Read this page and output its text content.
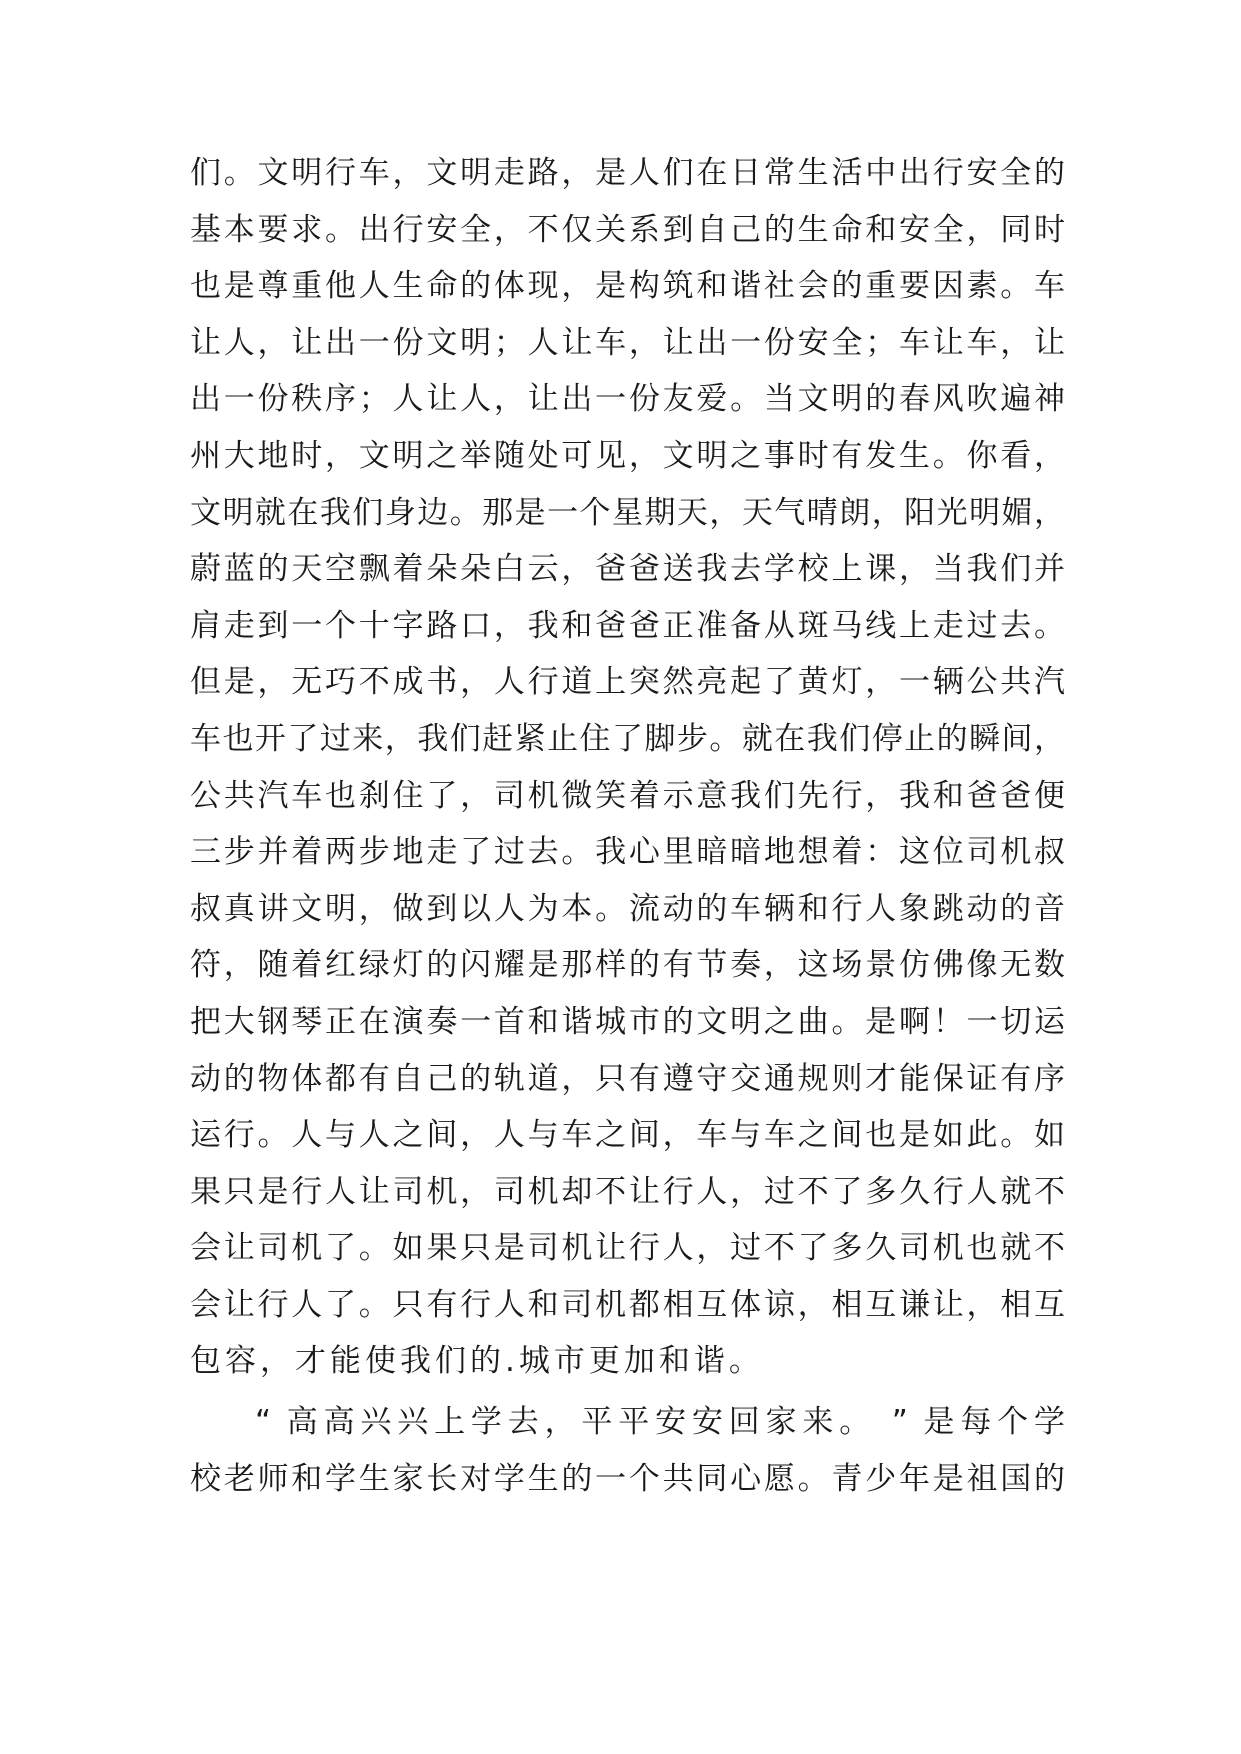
们。文明行车，文明走路，是人们在日常生活中出行安全的
基本要求。出行安全，不仅关系到自己的生命和安全，同时
也是尊重他人生命的体现，是构筑和谐社会的重要因素。车
让人，让出一份文明；人让车，让出一份安全；车让车，让
出一份秩序；人让人，让出一份友爱。当文明的春风吹遍神
州大地时，文明之举随处可见，文明之事时有发生。你看，
文明就在我们身边。那是一个星期天，天气晴朗，阳光明媚，
蔚蓝的天空飘着朵朵白云，爸爸送我去学校上课，当我们并
肩走到一个十字路口，我和爸爸正准备从斑马线上走过去。
但是，无巧不成书，人行道上突然亮起了黄灯，一辆公共汽
车也开了过来，我们赶紧止住了脚步。就在我们停止的瞬间，
公共汽车也刹住了，司机微笑着示意我们先行，我和爸爸便
三步并着两步地走了过去。我心里暗暗地想着：这位司机叔
叔真讲文明，做到以人为本。流动的车辆和行人象跳动的音
符，随着红绿灯的闪耀是那样的有节奏，这场景仿佛像无数
把大钢琴正在演奏一首和谐城市的文明之曲。是啊！一切运
动的物体都有自己的轨道，只有遵守交通规则才能保证有序
运行。人与人之间，人与车之间，车与车之间也是如此。如
果只是行人让司机，司机却不让行人，过不了多久行人就不
会让司机了。如果只是司机让行人，过不了多久司机也就不
会让行人了。只有行人和司机都相互体谅，相互谦让，相互
包容，才能使我们的.城市更加和谐。
“ 高高兴兴上学去，平平安安回家来。 ” 是每个学
校老师和学生家长对学生的一个共同心愿。青少年是祖国的
